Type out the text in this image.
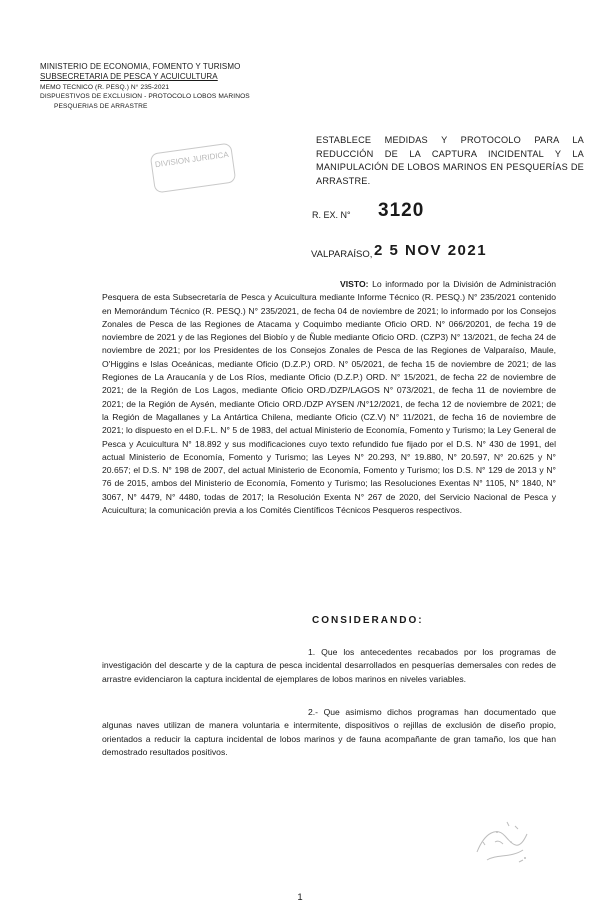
MINISTERIO DE ECONOMIA, FOMENTO Y TURISMO
SUBSECRETARIA DE PESCA Y ACUICULTURA
MEMO TECNICO (R. PESQ.) N° 235-2021
DISPUESTIVOS DE EXCLUSION - PROTOCOLO LOBOS MARINOS
PESQUERIAS DE ARRASTRE
DIVISION JURIDICA
ESTABLECE MEDIDAS Y PROTOCOLO PARA LA REDUCCIÓN DE LA CAPTURA INCIDENTAL Y LA MANIPULACIÓN DE LOBOS MARINOS EN PESQUERÍAS DE ARRASTRE.
R. EX. N° 3120
VALPARAÍSO, 2 5 NOV 2021
VISTO: Lo informado por la División de Administración Pesquera de esta Subsecretaría de Pesca y Acuicultura mediante Informe Técnico (R. PESQ.) N° 235/2021 contenido en Memorándum Técnico (R. PESQ.) N° 235/2021, de fecha 04 de noviembre de 2021; lo informado por los Consejos Zonales de Pesca de las Regiones de Atacama y Coquimbo mediante Oficio ORD. N° 066/20201, de fecha 19 de noviembre de 2021 y de las Regiones del Biobío y de Ñuble mediante Oficio ORD. (CZP3) N° 13/2021, de fecha 24 de noviembre de 2021; por los Presidentes de los Consejos Zonales de Pesca de las Regiones de Valparaíso, Maule, O'Higgins e Islas Oceánicas, mediante Oficio (D.Z.P.) ORD. N° 05/2021, de fecha 15 de noviembre de 2021; de las Regiones de La Araucanía y de Los Ríos, mediante Oficio (D.Z.P.) ORD. N° 15/2021, de fecha 22 de noviembre de 2021; de la Región de Los Lagos, mediante Oficio ORD./DZP/LAGOS N° 073/2021, de fecha 11 de noviembre de 2021; de la Región de Aysén, mediante Oficio ORD./DZP AYSEN /N°12/2021, de fecha 12 de noviembre de 2021; de la Región de Magallanes y La Antártica Chilena, mediante Oficio (CZ.V) N° 11/2021, de fecha 16 de noviembre de 2021; lo dispuesto en el D.F.L. N° 5 de 1983, del actual Ministerio de Economía, Fomento y Turismo; la Ley General de Pesca y Acuicultura N° 18.892 y sus modificaciones cuyo texto refundido fue fijado por el D.S. N° 430 de 1991, del actual Ministerio de Economía, Fomento y Turismo; las Leyes N° 20.293, N° 19.880, N° 20.597, N° 20.625 y N° 20.657; el D.S. N° 198 de 2007, del actual Ministerio de Economía, Fomento y Turismo; los D.S. N° 129 de 2013 y N° 76 de 2015, ambos del Ministerio de Economía, Fomento y Turismo; las Resoluciones Exentas N° 1105, N° 1840, N° 3067, N° 4479, N° 4480, todas de 2017; la Resolución Exenta N° 267 de 2020, del Servicio Nacional de Pesca y Acuicultura; la comunicación previa a los Comités Científicos Técnicos Pesqueros respectivos.
CONSIDERANDO:
1. Que los antecedentes recabados por los programas de investigación del descarte y de la captura de pesca incidental desarrollados en pesquerías demersales con redes de arrastre evidenciaron la captura incidental de ejemplares de lobos marinos en niveles variables.
2.- Que asimismo dichos programas han documentado que algunas naves utilizan de manera voluntaria e intermitente, dispositivos o rejillas de exclusión de diseño propio, orientados a reducir la captura incidental de lobos marinos y de fauna acompañante de gran tamaño, los que han demostrado resultados positivos.
1
